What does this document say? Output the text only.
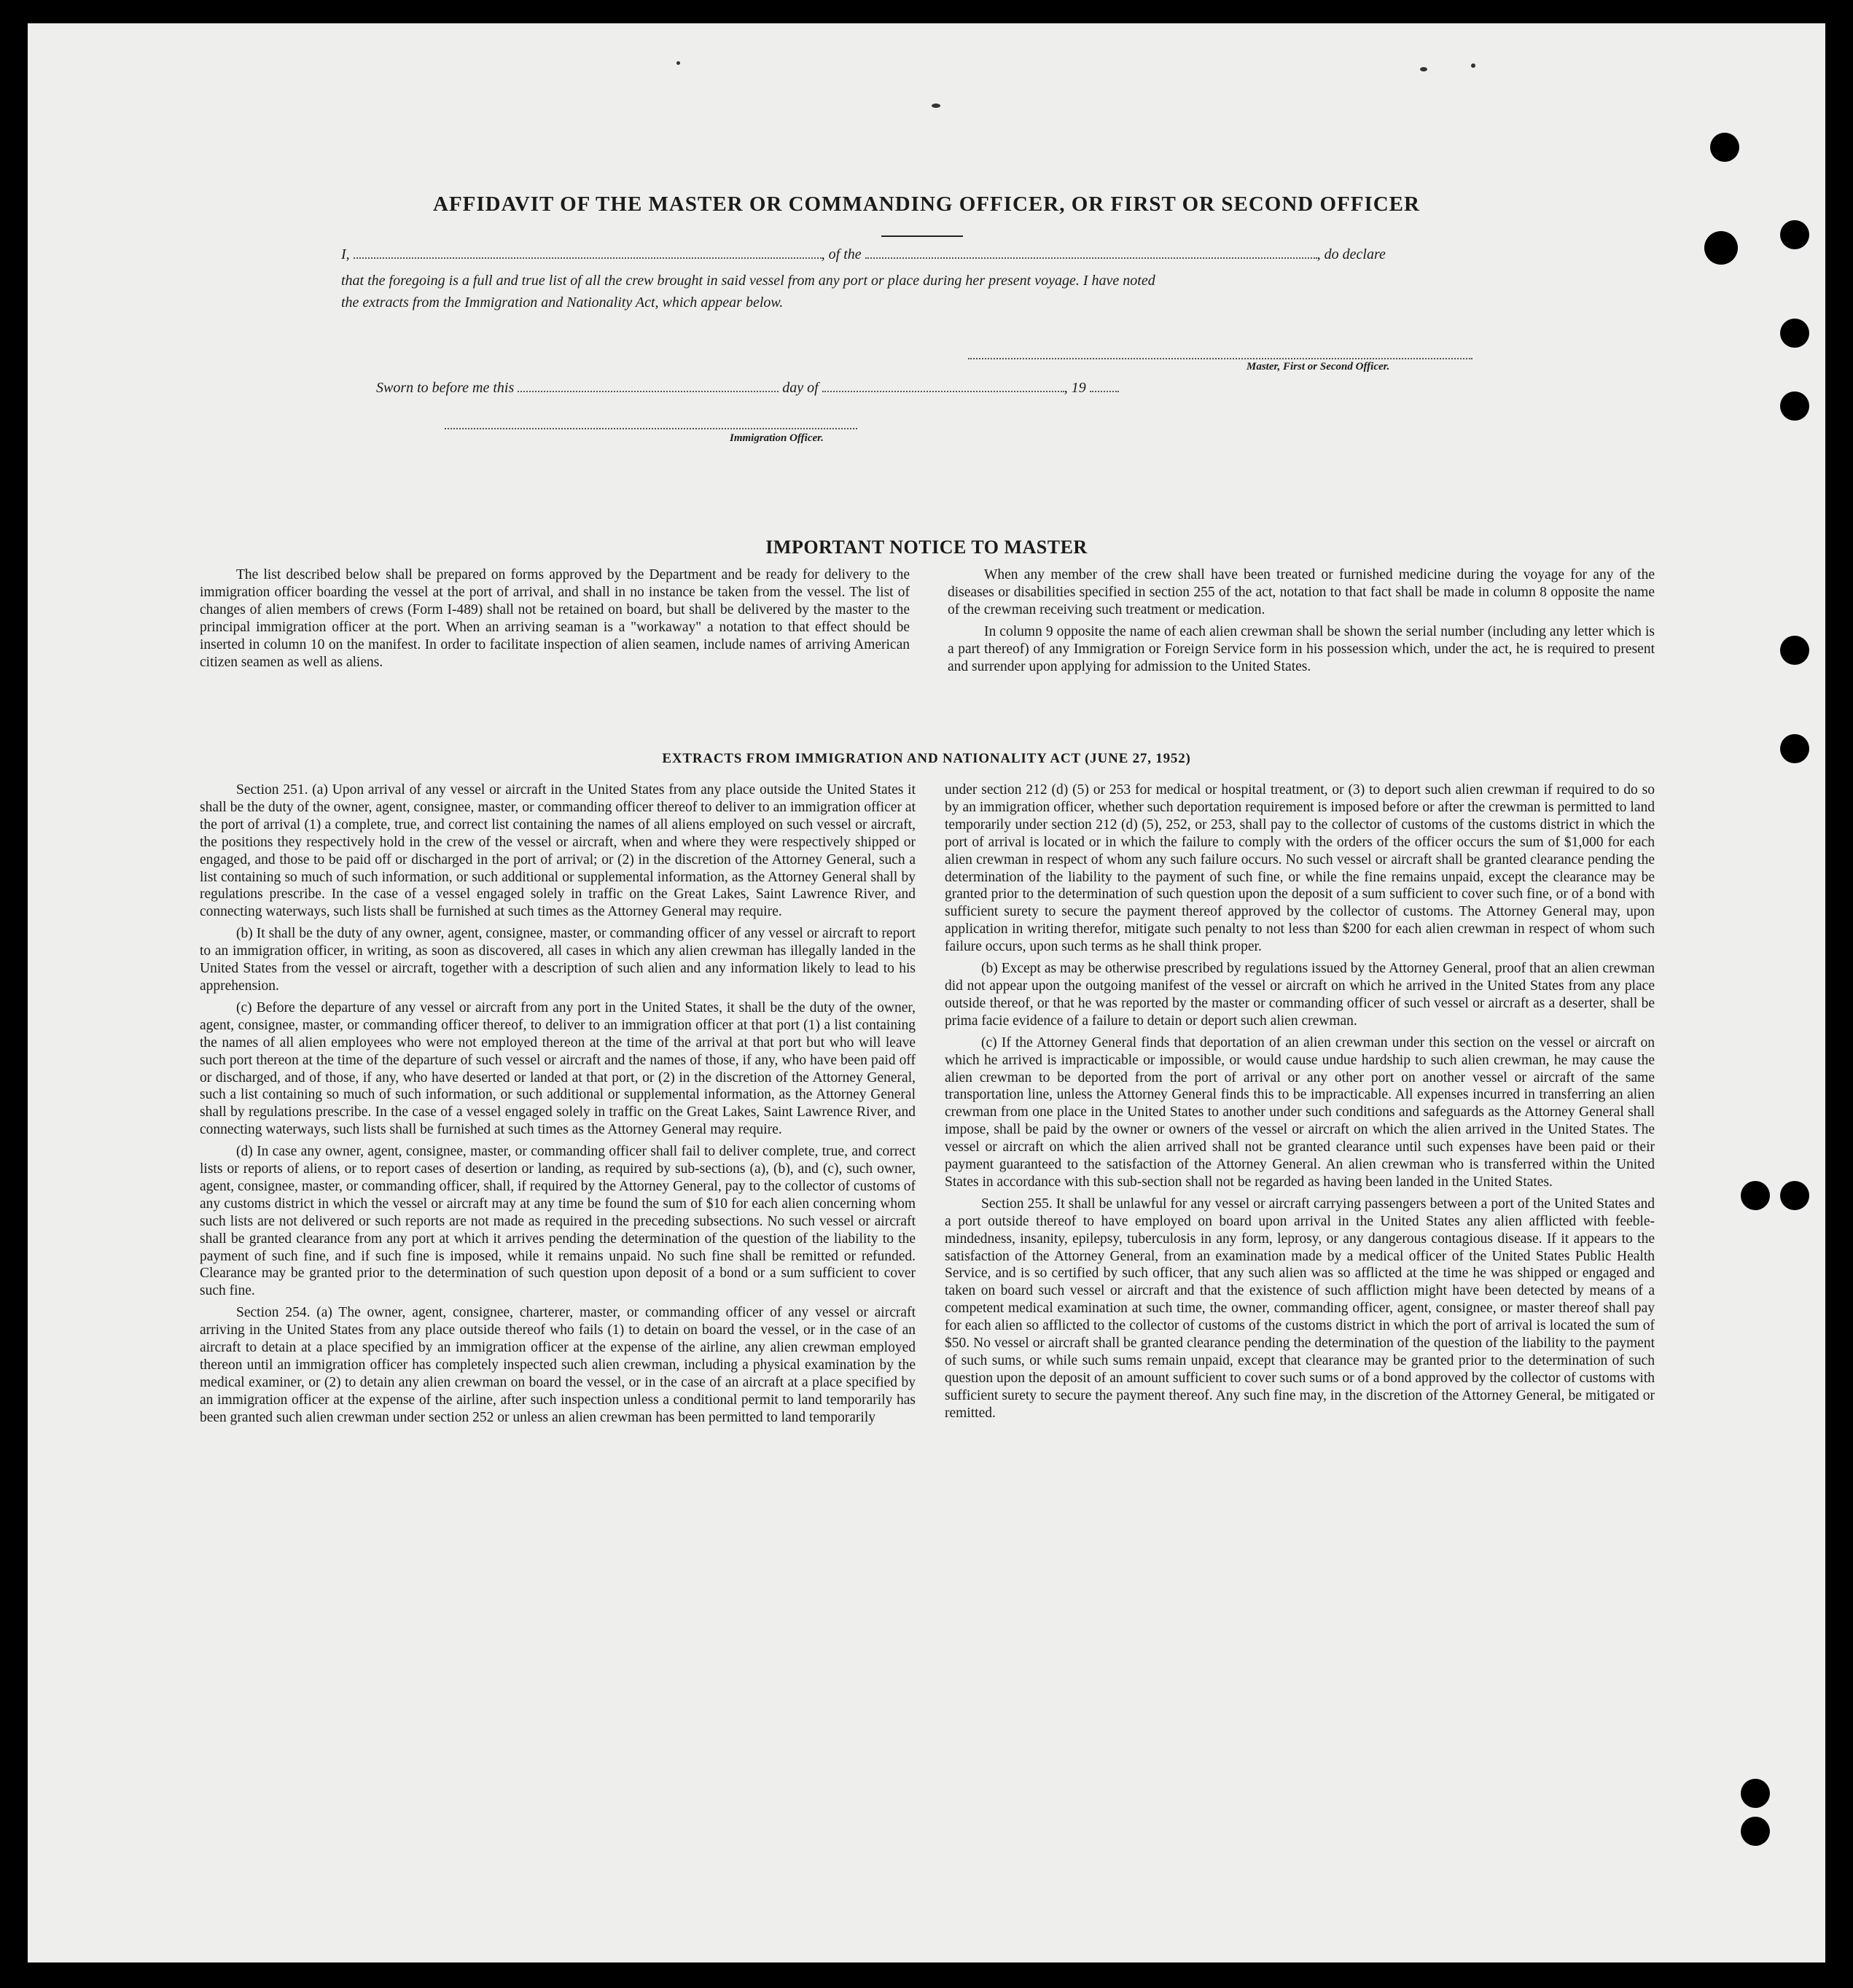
AFFIDAVIT OF THE MASTER OR COMMANDING OFFICER, OR FIRST OR SECOND OFFICER
I,	, of the	, do declare
that the foregoing is a full and true list of all the crew brought in said vessel from any port or place during her present voyage. I have noted
the extracts from the Immigration and Nationality Act, which appear below.
Master, First or Second Officer.
Sworn to before me this	day of	, 19
Immigration Officer.
IMPORTANT NOTICE TO MASTER

The list described below shall be prepared on forms approved by the Department and be ready for delivery to the immigration officer boarding the vessel at the port of arrival, and shall in no instance be taken from the vessel. The list of changes of alien members of crews (Form I-489) shall not be retained on board, but shall be delivered by the master to the principal immigration officer at the port. When an arriving seaman is a "workaway" a notation to that effect should be inserted in column 10 on the manifest. In order to facilitate inspection of alien seamen, include names of arriving American citizen seamen as well as aliens.

When any member of the crew shall have been treated or furnished medicine during the voyage for any of the diseases or disabilities specified in section 255 of the act, notation to that fact shall be made in column 8 opposite the name of the crewman receiving such treatment or medication.

In column 9 opposite the name of each alien crewman shall be shown the serial number (including any letter which is a part thereof) of any Immigration or Foreign Service form in his possession which, under the act, he is required to present and surrender upon applying for admission to the United States.

EXTRACTS FROM IMMIGRATION AND NATIONALITY ACT (JUNE 27, 1952)

Section 251. (a) Upon arrival of any vessel or aircraft in the United States from any place outside the United States it shall be the duty of the owner, agent, consignee, master, or commanding officer thereof to deliver to an immigration officer at the port of arrival (1) a complete, true, and correct list containing the names of all aliens employed on such vessel or aircraft, the positions they respectively hold in the crew of the vessel or aircraft, when and where they were respectively shipped or engaged, and those to be paid off or discharged in the port of arrival; or (2) in the discretion of the Attorney General, such a list containing so much of such information, or such additional or supplemental information, as the Attorney General shall by regulations prescribe. In the case of a vessel engaged solely in traffic on the Great Lakes, Saint Lawrence River, and connecting waterways, such lists shall be furnished at such times as the Attorney General may require.

(b) It shall be the duty of any owner, agent, consignee, master, or commanding officer of any vessel or aircraft to report to an immigration officer, in writing, as soon as discovered, all cases in which any alien crewman has illegally landed in the United States from the vessel or aircraft, together with a description of such alien and any information likely to lead to his apprehension.

(c) Before the departure of any vessel or aircraft from any port in the United States, it shall be the duty of the owner, agent, consignee, master, or commanding officer thereof, to deliver to an immigration officer at that port (1) a list containing the names of all alien employees who were not employed thereon at the time of the arrival at that port but who will leave such port thereon at the time of the departure of such vessel or aircraft and the names of those, if any, who have been paid off or discharged, and of those, if any, who have deserted or landed at that port, or (2) in the discretion of the Attorney General, such a list containing so much of such information, or such additional or supplemental information, as the Attorney General shall by regulations prescribe. In the case of a vessel engaged solely in traffic on the Great Lakes, Saint Lawrence River, and connecting waterways, such lists shall be furnished at such times as the Attorney General may require.

(d) In case any owner, agent, consignee, master, or commanding officer shall fail to deliver complete, true, and correct lists or reports of aliens, or to report cases of desertion or landing, as required by sub-sections (a), (b), and (c), such owner, agent, consignee, master, or commanding officer, shall, if required by the Attorney General, pay to the collector of customs of any customs district in which the vessel or aircraft may at any time be found the sum of $10 for each alien concerning whom such lists are not delivered or such reports are not made as required in the preceding subsections. No such vessel or aircraft shall be granted clearance from any port at which it arrives pending the determination of the question of the liability to the payment of such fine, and if such fine is imposed, while it remains unpaid. No such fine shall be remitted or refunded. Clearance may be granted prior to the determination of such question upon deposit of a bond or a sum sufficient to cover such fine.

Section 254. (a) The owner, agent, consignee, charterer, master, or commanding officer of any vessel or aircraft arriving in the United States from any place outside thereof who fails (1) to detain on board the vessel, or in the case of an aircraft to detain at a place specified by an immigration officer at the expense of the airline, any alien crewman employed thereon until an immigration officer has completely inspected such alien crewman, including a physical examination by the medical examiner, or (2) to detain any alien crewman on board the vessel, or in the case of an aircraft at a place specified by an immigration officer at the expense of the airline, after such inspection unless a conditional permit to land temporarily has been granted such alien crewman under section 252 or unless an alien crewman has been permitted to land temporarily

under section 212 (d) (5) or 253 for medical or hospital treatment, or (3) to deport such alien crewman if required to do so by an immigration officer, whether such deportation requirement is imposed before or after the crewman is permitted to land temporarily under section 212 (d) (5), 252, or 253, shall pay to the collector of customs of the customs district in which the port of arrival is located or in which the failure to comply with the orders of the officer occurs the sum of $1,000 for each alien crewman in respect of whom any such failure occurs. No such vessel or aircraft shall be granted clearance pending the determination of the liability to the payment of such fine, or while the fine remains unpaid, except the clearance may be granted prior to the determination of such question upon the deposit of a sum sufficient to cover such fine, or of a bond with sufficient surety to secure the payment thereof approved by the collector of customs. The Attorney General may, upon application in writing therefor, mitigate such penalty to not less than $200 for each alien crewman in respect of whom such failure occurs, upon such terms as he shall think proper.

(b) Except as may be otherwise prescribed by regulations issued by the Attorney General, proof that an alien crewman did not appear upon the outgoing manifest of the vessel or aircraft on which he arrived in the United States from any place outside thereof, or that he was reported by the master or commanding officer of such vessel or aircraft as a deserter, shall be prima facie evidence of a failure to detain or deport such alien crewman.

(c) If the Attorney General finds that deportation of an alien crewman under this section on the vessel or aircraft on which he arrived is impracticable or impossible, or would cause undue hardship to such alien crewman, he may cause the alien crewman to be deported from the port of arrival or any other port on another vessel or aircraft of the same transportation line, unless the Attorney General finds this to be impracticable. All expenses incurred in transferring an alien crewman from one place in the United States to another under such conditions and safeguards as the Attorney General shall impose, shall be paid by the owner or owners of the vessel or aircraft on which the alien arrived in the United States. The vessel or aircraft on which the alien arrived shall not be granted clearance until such expenses have been paid or their payment guaranteed to the satisfaction of the Attorney General. An alien crewman who is transferred within the United States in accordance with this sub-section shall not be regarded as having been landed in the United States.

Section 255. It shall be unlawful for any vessel or aircraft carrying passengers between a port of the United States and a port outside thereof to have employed on board upon arrival in the United States any alien afflicted with feeble-mindedness, insanity, epilepsy, tuberculosis in any form, leprosy, or any dangerous contagious disease. If it appears to the satisfaction of the Attorney General, from an examination made by a medical officer of the United States Public Health Service, and is so certified by such officer, that any such alien was so afflicted at the time he was shipped or engaged and taken on board such vessel or aircraft and that the existence of such affliction might have been detected by means of a competent medical examination at such time, the owner, commanding officer, agent, consignee, or master thereof shall pay for each alien so afflicted to the collector of customs of the customs district in which the port of arrival is located the sum of $50. No vessel or aircraft shall be granted clearance pending the determination of the question of the liability to the payment of such sums, or while such sums remain unpaid, except that clearance may be granted prior to the determination of such question upon the deposit of an amount sufficient to cover such sums or of a bond approved by the collector of customs with sufficient surety to secure the payment thereof. Any such fine may, in the discretion of the Attorney General, be mitigated or remitted.
